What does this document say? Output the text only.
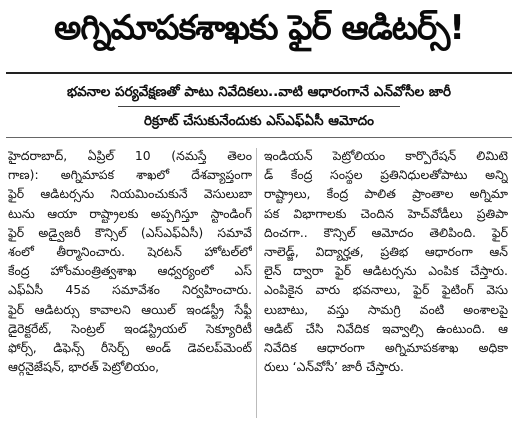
అగ్నిమాపకశాఖకు ఫైర్ ఆడిటర్స్!
భవనాల పర్యవేక్షణతో పాటు నివేదికలు..వాటి ఆధారంగానే ఎన్‌వోసీల జారీ
రిక్రూట్ చేసుకునేందుకు ఎస్ఎఫ్ఏసీ ఆమోదం
హైదరాబాద్, ఏప్రిల్ 10 (నమస్తే తెలం
గాణ): అగ్నిమాపక శాఖలో దేశవ్యాప్తంగా
ఫైర్ ఆడిటర్సను నియమించుకునే వెసులుబా
టును ఆయా రాష్ట్రాలకు అప్పగిస్తూ స్టాండింగ్
ఫైర్ అడ్వైజరీ కౌన్సిల్ (ఎస్ఎఫ్ఏసీ) సమావే
శంలో తీర్మానించారు. షెరటన్ హోటల్‌లో
కేంద్ర హోంమంత్రిత్వశాఖ ఆధ్వర్యంలో ఎస్
ఎఫ్ఏసీ 45వ సమావేశం నిర్వహించారు.
ఫైర్ ఆడిటర్సు కావాలని ఆయిల్ ఇండస్ట్రీ సేఫ్టీ
డైరెక్టరేట్, సెంట్రల్ ఇండస్ట్రియల్ సెక్యూరిటీ
ఫోర్స్, డిఫెన్స్ రీసెర్చ్ అండ్ డెవలప్‌మెంట్
ఆర్గనైజేషన్, భారత్ పెట్రోలియం,
ఇండియన్ పెట్రోలియం కార్పొరేషన్ లిమిటె
డ్ కేంద్ర సంస్థల ప్రతినిధులతోపాటు అన్ని
రాష్ట్రాలు, కేంద్ర పాలిత ప్రాంతాల అగ్నిమా
పక విభాగాలకు చెందిన హెచ్‌వోడీలు ప్రతిపా
దించగా.. కౌన్సిల్ ఆమోదం తెలిపింది. ఫైర్
నాలెడ్జ్, విద్యార్హత, ప్రతిభ ఆధారంగా ఆన్
లైన్ ద్వారా ఫైర్ ఆడిటర్సను ఎంపిక చేస్తారు.
ఎంపికైన వారు భవనాలు, ఫైర్ ఫైటింగ్ వెసు
లుబాటు, వస్తు సామగ్రి వంటి అంశాలపై
ఆడిట్ చేసి నివేదిక ఇవ్వాల్సి ఉంటుంది. ఆ
నివేదిక ఆధారంగా అగ్నిమాపకశాఖ అధికా
రులు ‘ఎన్‌వోసీ’ జారీ చేస్తారు.
